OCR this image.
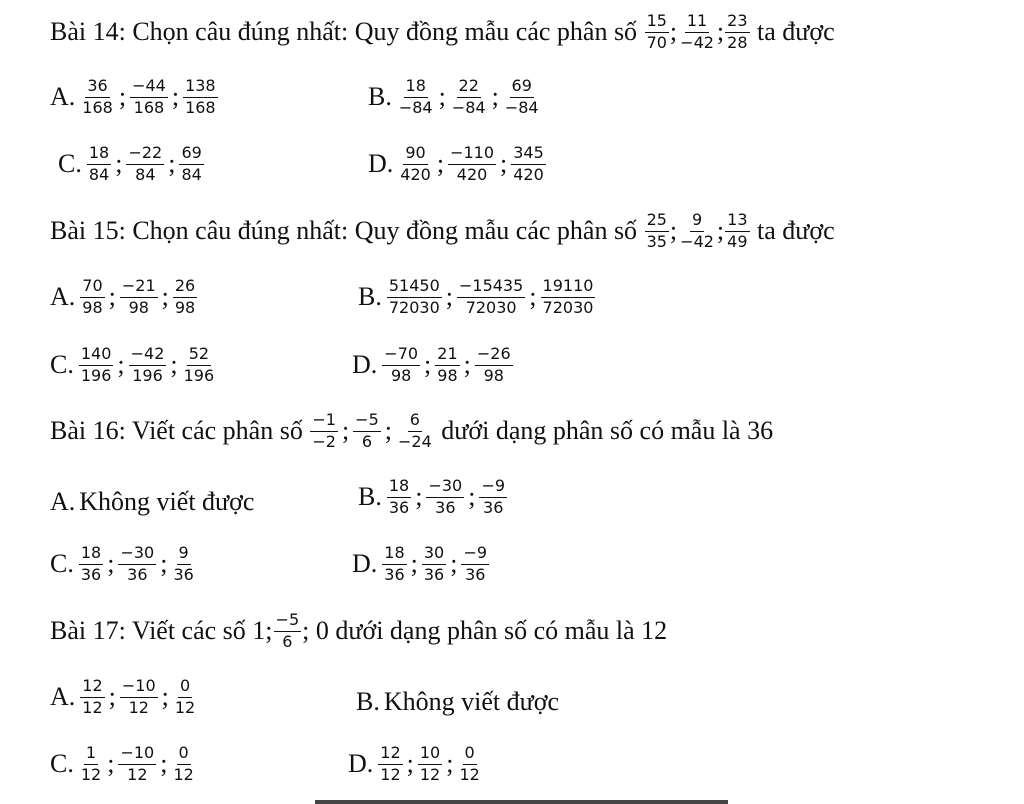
Bài 14: Chọn câu đúng nhất: Quy đồng mẫu các phân số
$\frac{15}{70}$ ; $\frac{11}{-42}$ ; $\frac{23}{28}$
ta được
A. $\frac{36}{168}$ ; $\frac{-44}{168}$ ; $\frac{138}{168}$	B. $\frac{18}{-84}$ ; $\frac{22}{-84}$ ; $\frac{69}{-84}$
C. $\frac{18}{84}$ ; $\frac{-22}{84}$ ; $\frac{69}{84}$	D. $\frac{90}{420}$ ; $\frac{-110}{420}$ ; $\frac{345}{420}$
Bài 15: Chọn câu đúng nhất: Quy đồng mẫu các phân số
$\frac{25}{35}$ ; $\frac{9}{-42}$ ; $\frac{13}{49}$
ta được
A. $\frac{70}{98}$ ; $\frac{-21}{98}$ ; $\frac{26}{98}$	B. $\frac{51450}{72030}$ ; $\frac{-15435}{72030}$ ; $\frac{19110}{72030}$
C. $\frac{140}{196}$ ; $\frac{-42}{196}$ ; $\frac{52}{196}$	D. $\frac{-70}{98}$ ; $\frac{21}{98}$ ; $\frac{-26}{98}$
Bài 16: Viết các phân số
$\frac{-1}{-2}$ ; $\frac{-5}{6}$ ; $\frac{6}{-24}$
dưới dạng phân số có mẫu là 36
A. Không viết được	B. $\frac{18}{36}$ ; $\frac{-30}{36}$ ; $\frac{-9}{36}$
C. $\frac{18}{36}$ ; $\frac{-30}{36}$ ; $\frac{9}{36}$	D. $\frac{18}{36}$ ; $\frac{30}{36}$ ; $\frac{-9}{36}$
Bài 17: Viết các số 1; $\frac{-5}{6}$ ; 0 dưới dạng phân số có mẫu là 12
A. $\frac{12}{12}$ ; $\frac{-10}{12}$ ; $\frac{0}{12}$	B. Không viết được
C. $\frac{1}{12}$ ; $\frac{-10}{12}$ ; $\frac{0}{12}$	D. $\frac{12}{12}$ ; $\frac{10}{12}$ ; $\frac{0}{12}$
